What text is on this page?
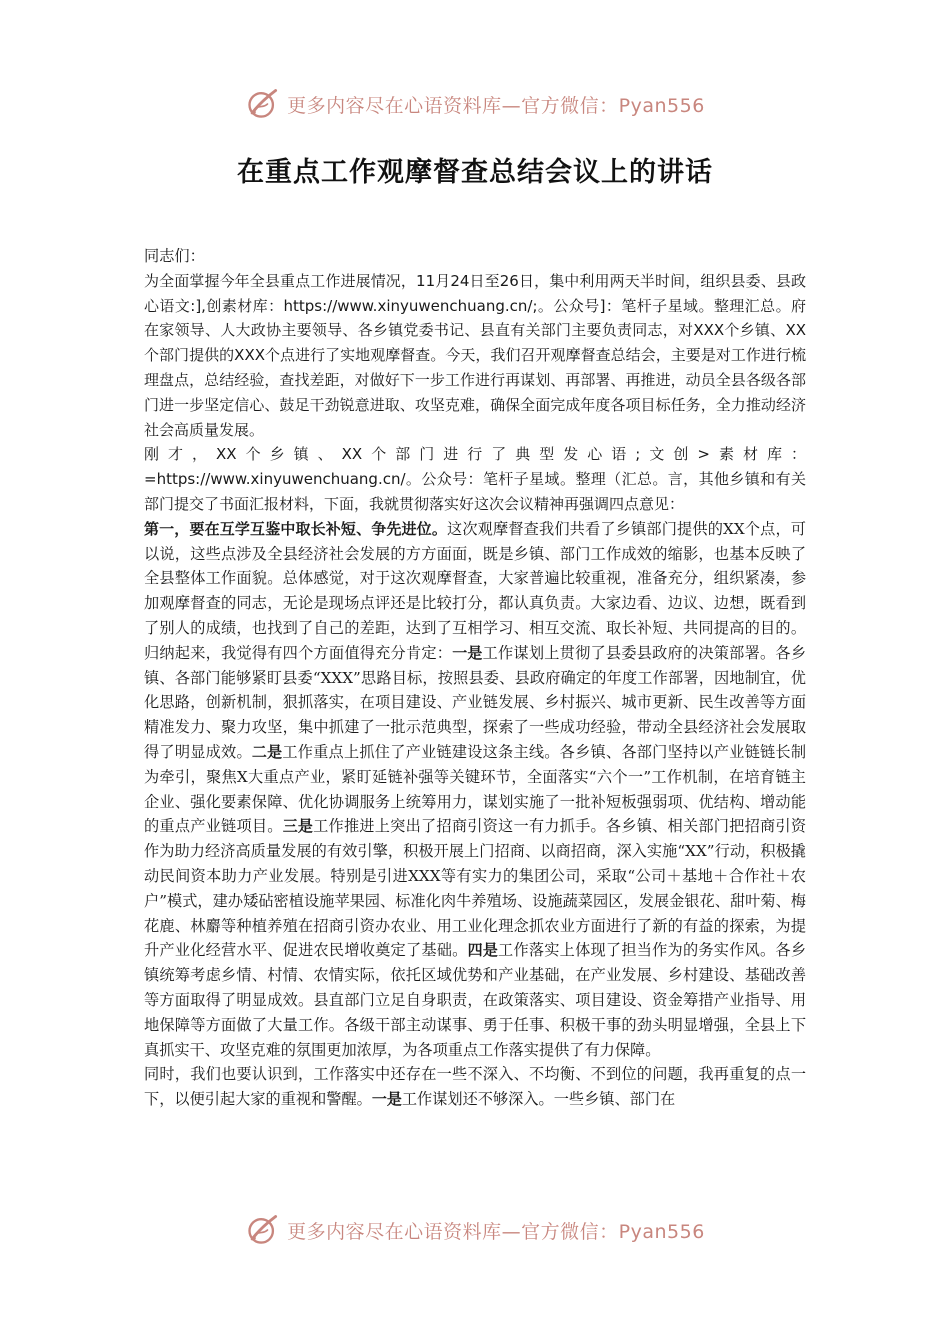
更多内容尽在心语资料库—官方微信：Pyan556
在重点工作观摩督查总结会议上的讲话

同志们：

为全面掌握今年全县重点工作进展情况，11月24日至26日，集中利用两天半时间，组织县委、县政心语文:],创素材库：https://www.xinyuwenchuang.cn/;。公众号]：笔杆子星域。整理汇总。府在家领导、人大政协主要领导、各乡镇党委书记、县直有关部门主要负责同志，对XXX个乡镇、XX个部门提供的XXX个点进行了实地观摩督查。今天，我们召开观摩督查总结会，主要是对工作进行梳理盘点，总结经验，查找差距，对做好下一步工作进行再谋划、再部署、再推进，动员全县各级各部门进一步坚定信心、鼓足干劲锐意进取、攻坚克难，确保全面完成年度各项目标任务，全力推动经济社会高质量发展。

刚才，XX个乡镇、XX个部门进行了典型发心语;文创>素材库：=https://www.xinyuwenchuang.cn/。公众号：笔杆子星域。整理（汇总。言，其他乡镇和有关部门提交了书面汇报材料，下面，我就贯彻落实好这次会议精神再强调四点意见：

第一，要在互学互鉴中取长补短、争先进位。这次观摩督查我们共看了乡镇部门提供的XX个点，可以说，这些点涉及全县经济社会发展的方方面面，既是乡镇、部门工作成效的缩影，也基本反映了全县整体工作面貌。总体感觉，对于这次观摩督查，大家普遍比较重视，准备充分，组织紧凑，参加观摩督查的同志，无论是现场点评还是比较打分，都认真负责。大家边看、边议、边想，既看到了别人的成绩，也找到了自己的差距，达到了互相学习、相互交流、取长补短、共同提高的目的。归纳起来，我觉得有四个方面值得充分肯定：一是工作谋划上贯彻了县委县政府的决策部署。各乡镇、各部门能够紧盯县委“XXX”思路目标，按照县委、县政府确定的年度工作部署，因地制宜，优化思路，创新机制，狠抓落实，在项目建设、产业链发展、乡村振兴、城市更新、民生改善等方面精准发力、聚力攻坚，集中抓建了一批示范典型，探索了一些成功经验，带动全县经济社会发展取得了明显成效。二是工作重点上抓住了产业链建设这条主线。各乡镇、各部门坚持以产业链链长制为牵引，聚焦X大重点产业，紧盯延链补强等关键环节，全面落实“六个一”工作机制，在培育链主企业、强化要素保障、优化协调服务上统筹用力，谋划实施了一批补短板强弱项、优结构、增动能的重点产业链项目。三是工作推进上突出了招商引资这一有力抓手。各乡镇、相关部门把招商引资作为助力经济高质量发展的有效引擎，积极开展上门招商、以商招商，深入实施“XX”行动，积极撬动民间资本助力产业发展。特别是引进XXX等有实力的集团公司，采取“公司＋基地＋合作社＋农户”模式，建办矮砧密植设施苹果园、标准化肉牛养殖场、设施蔬菜园区，发展金银花、甜叶菊、梅花鹿、林麝等种植养殖在招商引资办农业、用工业化理念抓农业方面进行了新的有益的探索，为提升产业化经营水平、促进农民增收奠定了基础。四是工作落实上体现了担当作为的务实作风。各乡镇统筹考虑乡情、村情、农情实际，依托区域优势和产业基础，在产业发展、乡村建设、基础改善等方面取得了明显成效。县直部门立足自身职责，在政策落实、项目建设、资金筹措产业指导、用地保障等方面做了大量工作。各级干部主动谋事、勇于任事、积极干事的劲头明显增强，全县上下真抓实干、攻坚克难的氛围更加浓厚，为各项重点工作落实提供了有力保障。

同时，我们也要认识到，工作落实中还存在一些不深入、不均衡、不到位的问题，我再重复的点一下，以便引起大家的重视和警醒。一是工作谋划还不够深入。一些乡镇、部门在

更多内容尽在心语资料库—官方微信：Pyan556
